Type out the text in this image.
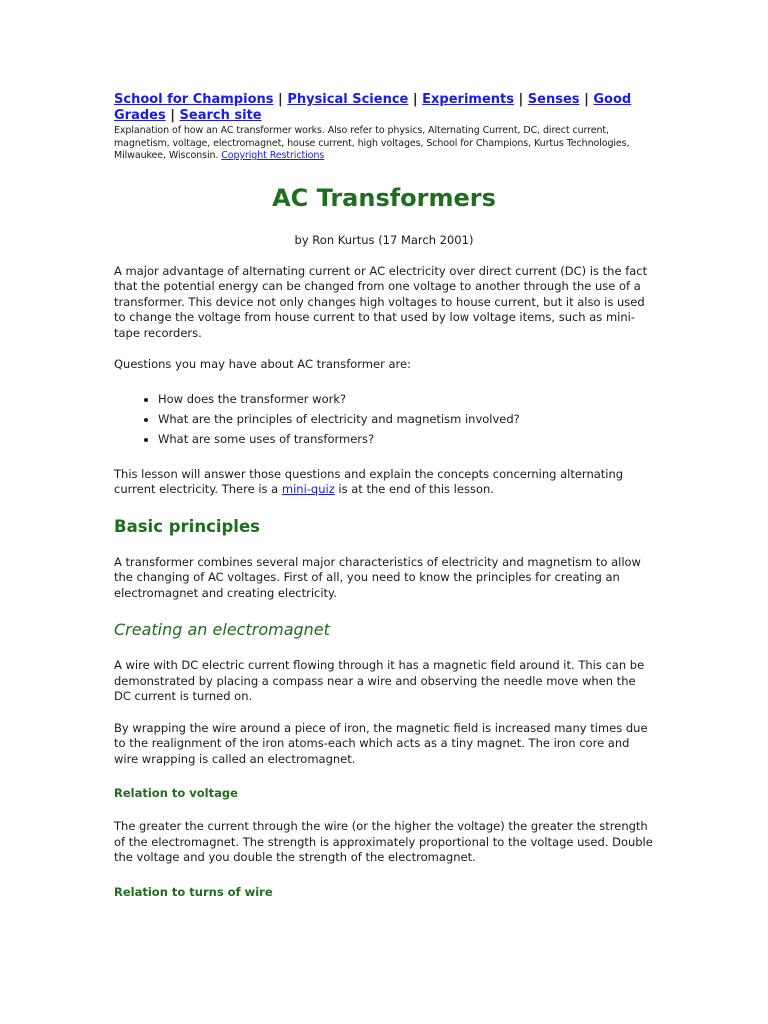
School for Champions | Physical Science | Experiments | Senses | Good Grades | Search site

Explanation of how an AC transformer works. Also refer to physics, Alternating Current, DC, direct current, magnetism, voltage, electromagnet, house current, high voltages, School for Champions, Kurtus Technologies, Milwaukee, Wisconsin. Copyright Restrictions

AC Transformers

by Ron Kurtus (17 March 2001)

A major advantage of alternating current or AC electricity over direct current (DC) is the fact that the potential energy can be changed from one voltage to another through the use of a transformer. This device not only changes high voltages to house current, but it also is used to change the voltage from house current to that used by low voltage items, such as mini-tape recorders.

Questions you may have about AC transformer are:

• How does the transformer work?
• What are the principles of electricity and magnetism involved?
• What are some uses of transformers?

This lesson will answer those questions and explain the concepts concerning alternating current electricity. There is a mini-quiz is at the end of this lesson.

Basic principles

A transformer combines several major characteristics of electricity and magnetism to allow the changing of AC voltages. First of all, you need to know the principles for creating an electromagnet and creating electricity.

Creating an electromagnet

A wire with DC electric current flowing through it has a magnetic field around it. This can be demonstrated by placing a compass near a wire and observing the needle move when the DC current is turned on.

By wrapping the wire around a piece of iron, the magnetic field is increased many times due to the realignment of the iron atoms-each which acts as a tiny magnet. The iron core and wire wrapping is called an electromagnet.

Relation to voltage

The greater the current through the wire (or the higher the voltage) the greater the strength of the electromagnet. The strength is approximately proportional to the voltage used. Double the voltage and you double the strength of the electromagnet.

Relation to turns of wire
